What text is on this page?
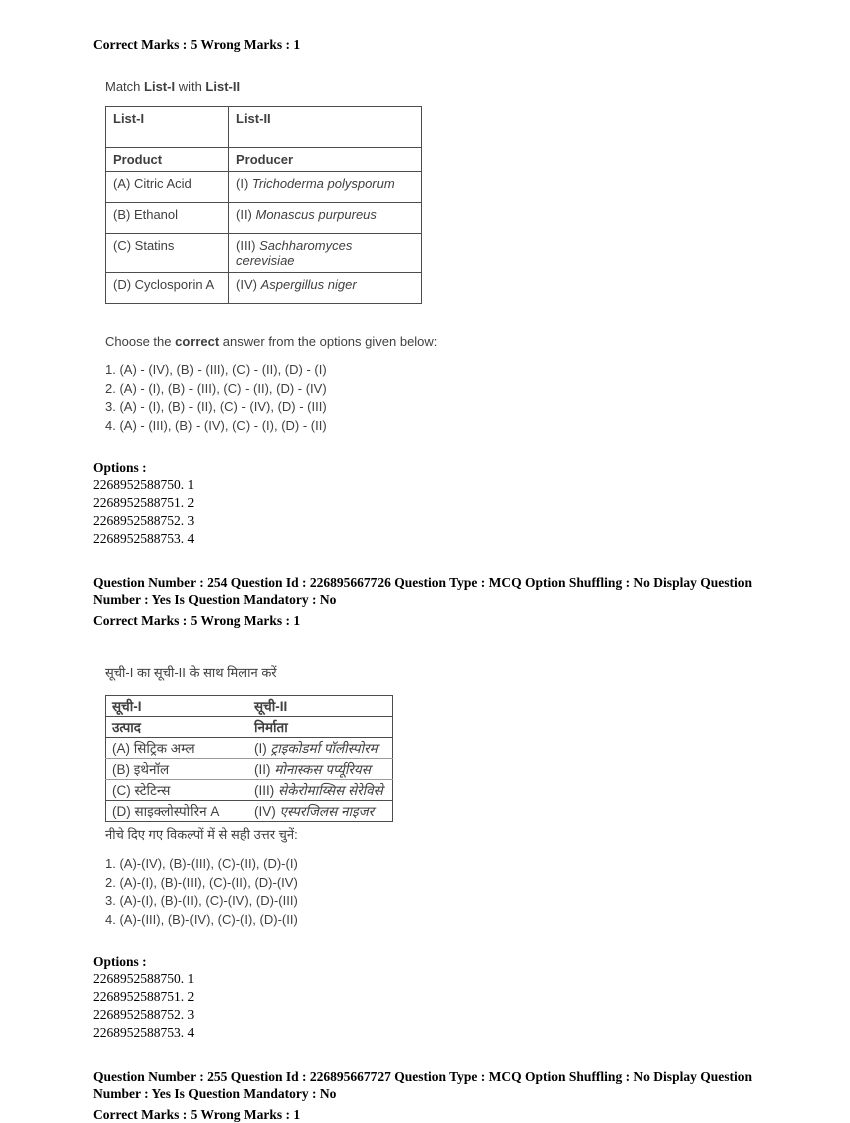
Correct Marks : 5 Wrong Marks : 1
Match List-I with List-II
List-I	List-II
Product	Producer
(A) Citric Acid	(I) Trichoderma polysporum
(B) Ethanol	(II) Monascus purpureus
(C) Statins	(III) Sachharomyces cerevisiae
(D) Cyclosporin A	(IV) Aspergillus niger
Choose the correct answer from the options given below:
1. (A) - (IV), (B) - (III), (C) - (II), (D) - (I)
2. (A) - (I), (B) - (III), (C) - (II), (D) - (IV)
3. (A) - (I), (B) - (II), (C) - (IV), (D) - (III)
4. (A) - (III), (B) - (IV), (C) - (I), (D) - (II)
Options :
2268952588750. 1
2268952588751. 2
2268952588752. 3
2268952588753. 4
Question Number : 254 Question Id : 226895667726 Question Type : MCQ Option Shuffling : No Display Question Number : Yes Is Question Mandatory : No
Correct Marks : 5 Wrong Marks : 1
सूची-I का सूची-II के साथ मिलान करें
सूची-I	सूची-II
उत्पाद	निर्माता
(A) सिट्रिक अम्ल	(I) ट्राइकोडर्मा पॉलीस्पोरम
(B) इथेनॉल	(II) मोनास्कस पर्प्यूरियस
(C) स्टेटिन्स	(III) सेकेरोमाय्सिस सेरेविसे
(D) साइक्लोस्पोरिन A	(IV) एस्परजिलस नाइजर
नीचे दिए गए विकल्पों में से सही उत्तर चुनें:
1. (A)-(IV), (B)-(III), (C)-(II), (D)-(I)
2. (A)-(I), (B)-(III), (C)-(II), (D)-(IV)
3. (A)-(I), (B)-(II), (C)-(IV), (D)-(III)
4. (A)-(III), (B)-(IV), (C)-(I), (D)-(II)
Options :
2268952588750. 1
2268952588751. 2
2268952588752. 3
2268952588753. 4
Question Number : 255 Question Id : 226895667727 Question Type : MCQ Option Shuffling : No Display Question Number : Yes Is Question Mandatory : No
Correct Marks : 5 Wrong Marks : 1
